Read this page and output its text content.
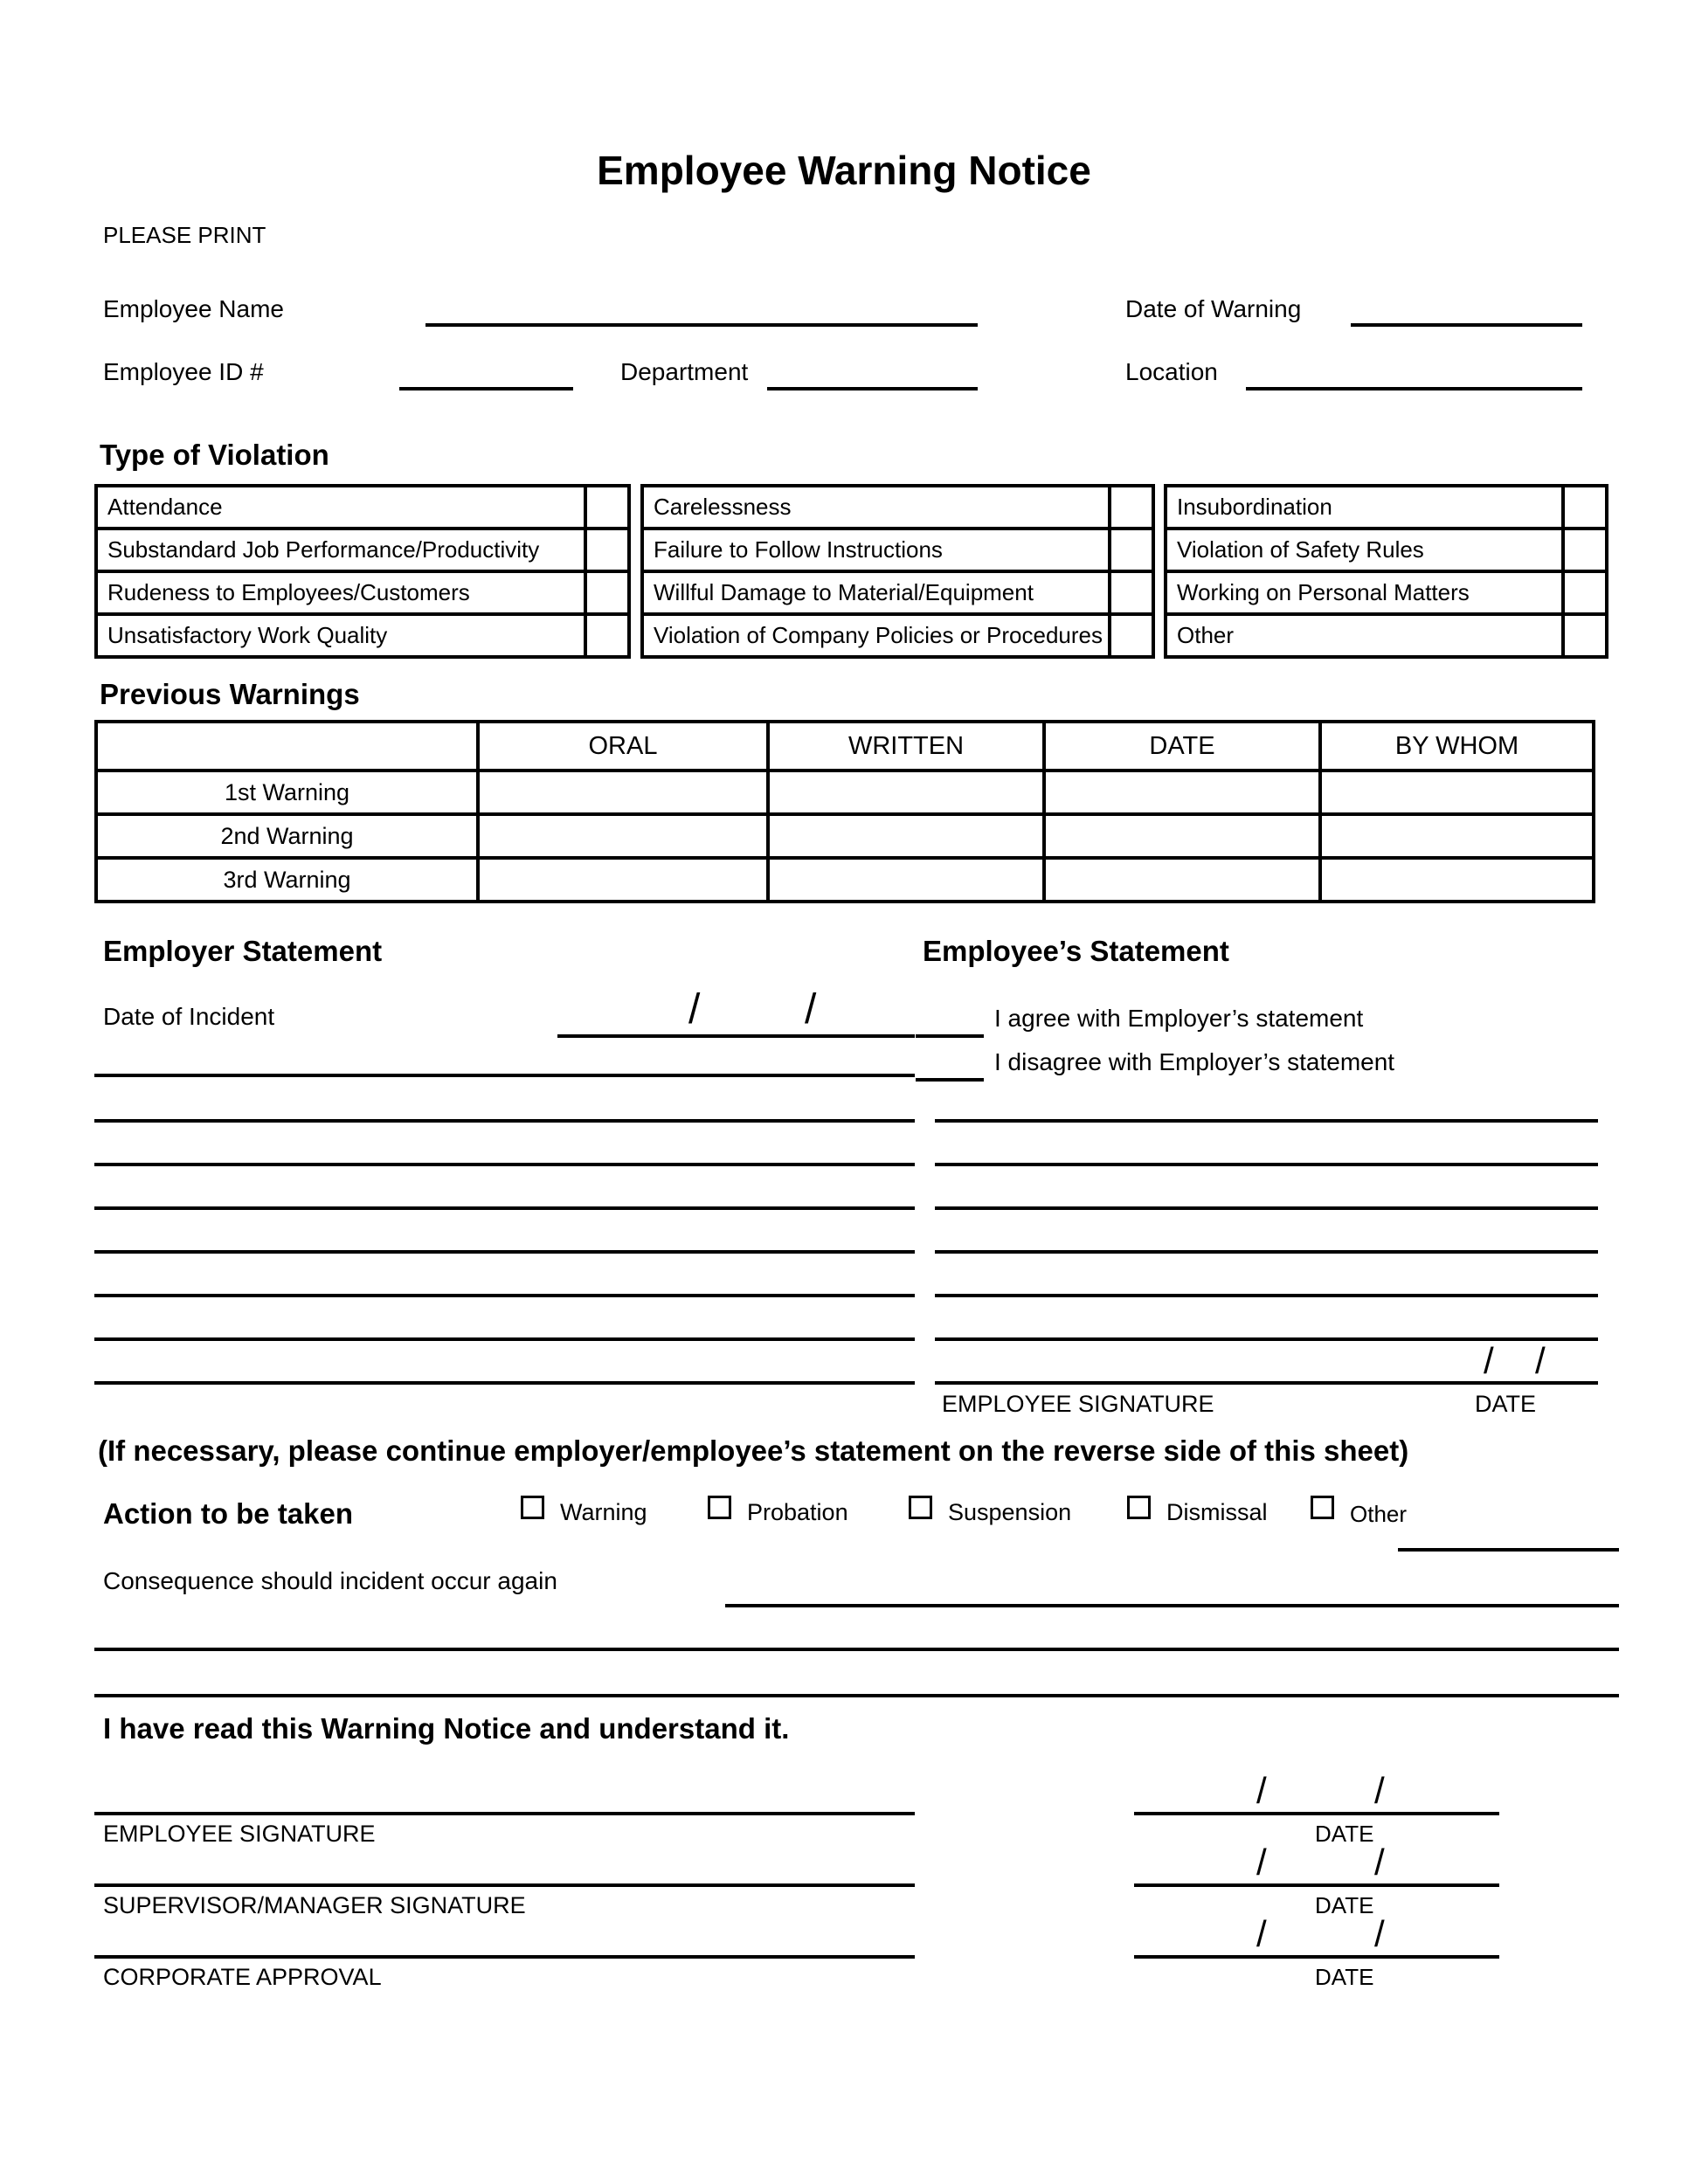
Employee Warning Notice
PLEASE PRINT
Employee Name	Date of Warning
Employee ID #	Department	Location
Type of Violation
Attendance	
Substandard Job Performance/Productivity	
Rudeness to Employees/Customers	
Unsatisfactory Work Quality	
Carelessness	
Failure to Follow Instructions	
Willful Damage to Material/Equipment	
Violation of Company Policies or Procedures	
Insubordination	
Violation of Safety Rules	
Working on Personal Matters	
Other	
Previous Warnings
	ORAL	WRITTEN	DATE	BY WHOM
1st Warning				
2nd Warning				
3rd Warning				
Employer Statement	Employee’s Statement
Date of Incident	/ /	I agree with Employer’s statement
I disagree with Employer’s statement
/ /
EMPLOYEE SIGNATURE	DATE
(If necessary, please continue employer/employee’s statement on the reverse side of this sheet)
Action to be taken	Warning	Probation	Suspension	Dismissal	Other
Consequence should incident occur again
I have read this Warning Notice and understand it.
/	/
EMPLOYEE SIGNATURE	DATE
/	/
SUPERVISOR/MANAGER SIGNATURE	DATE
/	/
CORPORATE APPROVAL	DATE
